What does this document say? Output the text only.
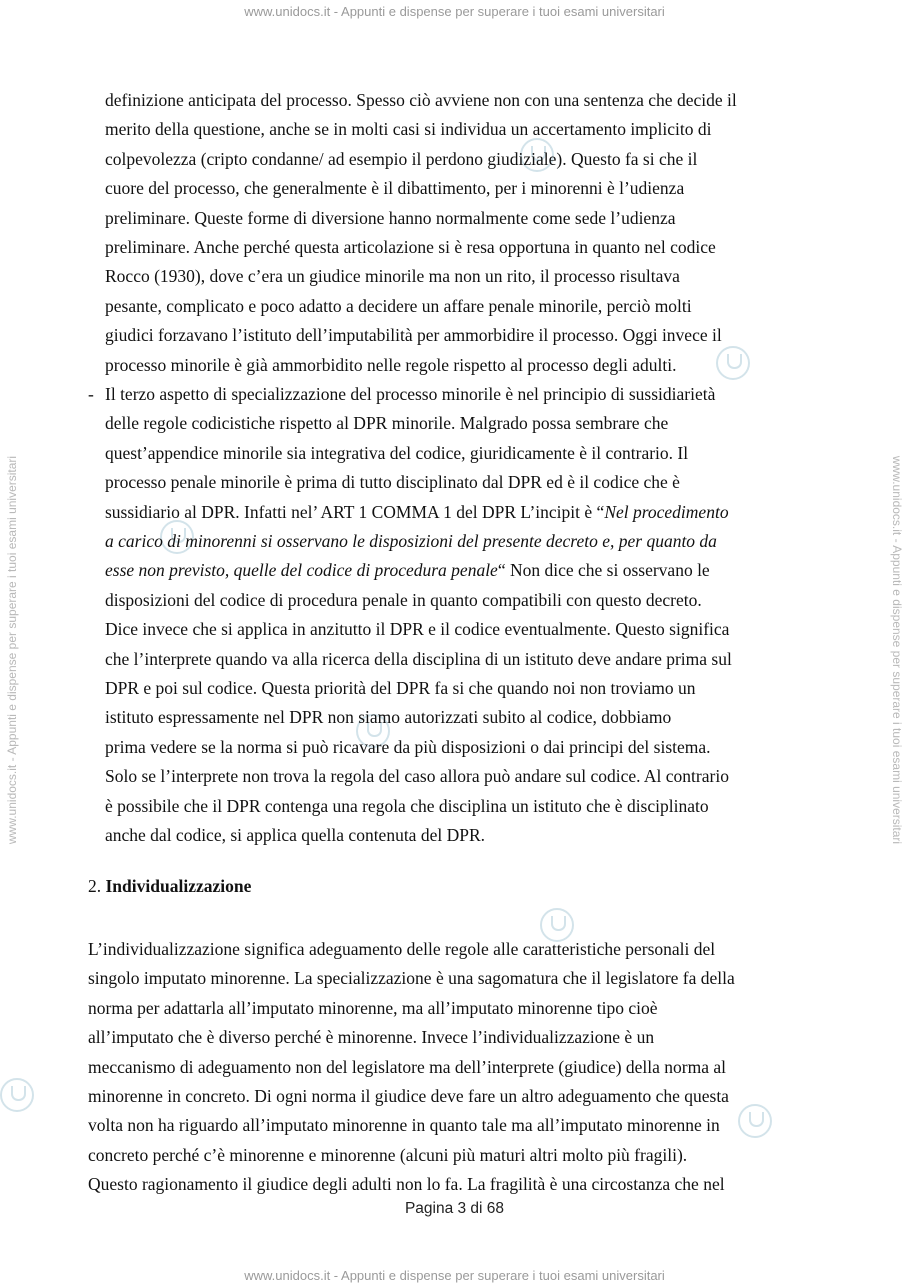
www.unidocs.it - Appunti e dispense per superare i tuoi esami universitari
www.unidocs.it - Appunti e dispense per superare i tuoi esami universitari
www.unidocs.it - Appunti e dispense per superare i tuoi esami universitari	www.unidocs.it - Appunti e dispense per superare i tuoi esami universitari
definizione anticipata del processo. Spesso ciò avviene non con una sentenza che decide il
merito della questione, anche se in molti casi si individua un accertamento implicito di
colpevolezza (cripto condanne/ ad esempio il perdono giudiziale). Questo fa si che il
cuore del processo, che generalmente è il dibattimento, per i minorenni è l’udienza
preliminare. Queste forme di diversione hanno normalmente come sede l’udienza
preliminare. Anche perché questa articolazione si è resa opportuna in quanto nel codice
Rocco (1930), dove c’era un giudice minorile ma non un rito, il processo risultava
pesante, complicato e poco adatto a decidere un affare penale minorile, perciò molti
giudici forzavano l’istituto dell’imputabilità per ammorbidire il processo. Oggi invece il
processo minorile è già ammorbidito nelle regole rispetto al processo degli adulti.
- Il terzo aspetto di specializzazione del processo minorile è nel principio di sussidiarietà
delle regole codicistiche rispetto al DPR minorile. Malgrado possa sembrare che
quest’appendice minorile sia integrativa del codice, giuridicamente è il contrario. Il
processo penale minorile è prima di tutto disciplinato dal DPR ed è il codice che è
sussidiario al DPR. Infatti nel’ ART 1 COMMA 1 del DPR L’incipit è “Nel procedimento
a carico di minorenni si osservano le disposizioni del presente decreto e, per quanto da
esse non previsto, quelle del codice di procedura penale“ Non dice che si osservano le
disposizioni del codice di procedura penale in quanto compatibili con questo decreto.
Dice invece che si applica in anzitutto il DPR e il codice eventualmente. Questo significa
che l’interprete quando va alla ricerca della disciplina di un istituto deve andare prima sul
DPR e poi sul codice. Questa priorità del DPR fa si che quando noi non troviamo un
istituto espressamente nel DPR non siamo autorizzati subito al codice, dobbiamo
prima vedere se la norma si può ricavare da più disposizioni o dai principi del sistema.
Solo se l’interprete non trova la regola del caso allora può andare sul codice. Al contrario
è possibile che il DPR contenga una regola che disciplina un istituto che è disciplinato
anche dal codice, si applica quella contenuta del DPR.
2. Individualizzazione
L’individualizzazione significa adeguamento delle regole alle caratteristiche personali del
singolo imputato minorenne. La specializzazione è una sagomatura che il legislatore fa della
norma per adattarla all’imputato minorenne, ma all’imputato minorenne tipo cioè
all’imputato che è diverso perché è minorenne. Invece l’individualizzazione è un
meccanismo di adeguamento non del legislatore ma dell’interprete (giudice) della norma al
minorenne in concreto. Di ogni norma il giudice deve fare un altro adeguamento che questa
volta non ha riguardo all’imputato minorenne in quanto tale ma all’imputato minorenne in
concreto perché c’è minorenne e minorenne (alcuni più maturi altri molto più fragili).
Questo ragionamento il giudice degli adulti non lo fa. La fragilità è una circostanza che nel
Pagina 3 di 68
